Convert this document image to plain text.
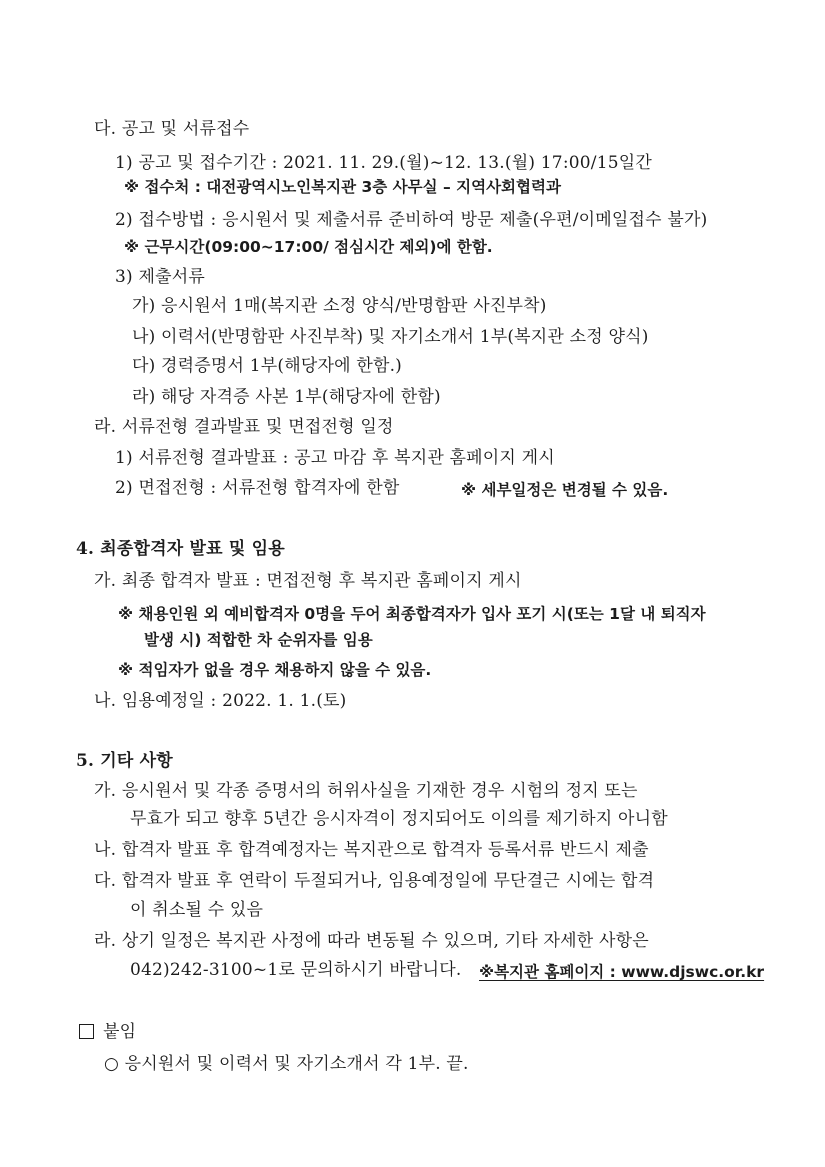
다. 공고 및 서류접수
1) 공고 및 접수기간 : 2021. 11. 29.(월)~12. 13.(월) 17:00/15일간
※ 접수처 : 대전광역시노인복지관 3층 사무실 – 지역사회협력과
2) 접수방법 : 응시원서 및 제출서류 준비하여 방문 제출(우편/이메일접수 불가)
※ 근무시간(09:00~17:00/ 점심시간 제외)에 한함.
3) 제출서류
가) 응시원서 1매(복지관 소정 양식/반명함판 사진부착)
나) 이력서(반명함판 사진부착) 및 자기소개서 1부(복지관 소정 양식)
다) 경력증명서 1부(해당자에 한함.)
라) 해당 자격증 사본 1부(해당자에 한함)
라. 서류전형 결과발표 및 면접전형 일정
1) 서류전형 결과발표 : 공고 마감 후 복지관 홈페이지 게시
2) 면접전형 : 서류전형 합격자에 한함	※ 세부일정은 변경될 수 있음.
4. 최종합격자 발표 및 임용
가. 최종 합격자 발표 : 면접전형 후 복지관 홈페이지 게시
※ 채용인원 외 예비합격자 0명을 두어 최종합격자가 입사 포기 시(또는 1달 내 퇴직자
발생 시) 적합한 차 순위자를 임용
※ 적임자가 없을 경우 채용하지 않을 수 있음.
나. 임용예정일 : 2022. 1. 1.(토)
5. 기타 사항
가. 응시원서 및 각종 증명서의 허위사실을 기재한 경우 시험의 정지 또는
무효가 되고 향후 5년간 응시자격이 정지되어도 이의를 제기하지 아니함
나. 합격자 발표 후 합격예정자는 복지관으로 합격자 등록서류 반드시 제출
다. 합격자 발표 후 연락이 두절되거나, 임용예정일에 무단결근 시에는 합격
이 취소될 수 있음
라. 상기 일정은 복지관 사정에 따라 변동될 수 있으며, 기타 자세한 사항은
042)242-3100~1로 문의하시기 바랍니다. ※복지관 홈페이지 : www.djswc.or.kr
붙임
○ 응시원서 및 이력서 및 자기소개서 각 1부. 끝.
